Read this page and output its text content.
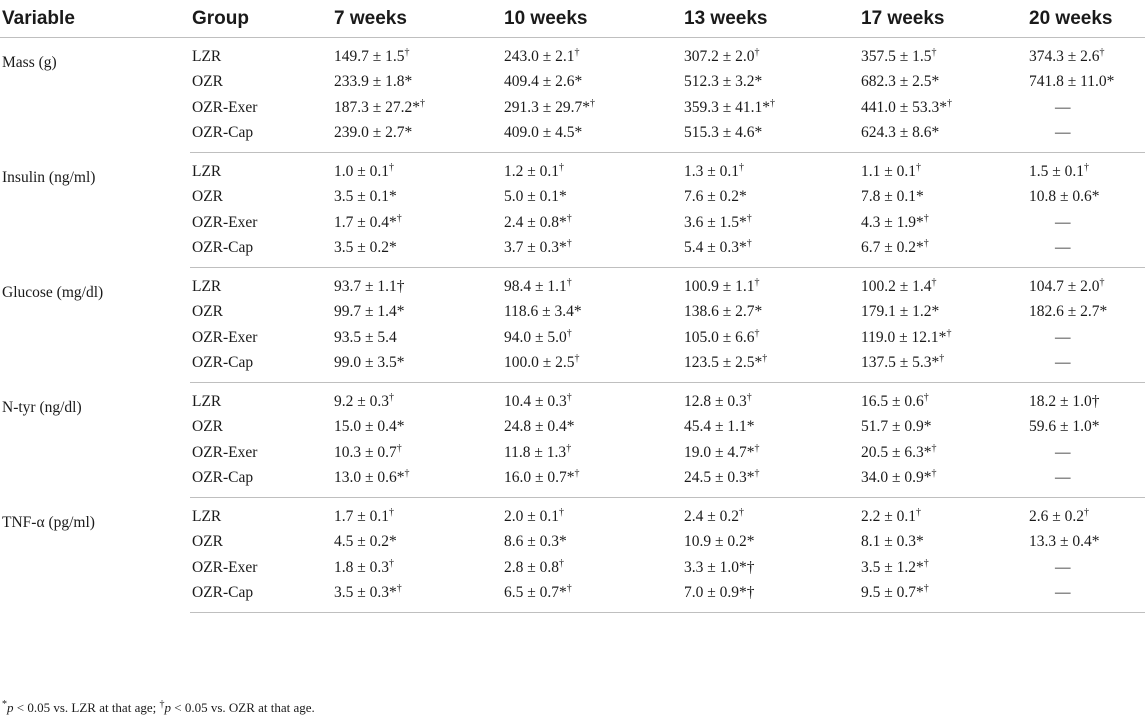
Variable	Group	7 weeks	10 weeks	13 weeks	17 weeks	20 weeks
Mass (g)	LZR	149.7 ± 1.5†	243.0 ± 2.1†	307.2 ± 2.0†	357.5 ± 1.5†	374.3 ± 2.6†
	OZR	233.9 ± 1.8*	409.4 ± 2.6*	512.3 ± 3.2*	682.3 ± 2.5*	741.8 ± 11.0*
	OZR-Exer	187.3 ± 27.2*†	291.3 ± 29.7*†	359.3 ± 41.1*†	441.0 ± 53.3*†	—
	OZR-Cap	239.0 ± 2.7*	409.0 ± 4.5*	515.3 ± 4.6*	624.3 ± 8.6*	—
Insulin (ng/ml)	LZR	1.0 ± 0.1†	1.2 ± 0.1†	1.3 ± 0.1†	1.1 ± 0.1†	1.5 ± 0.1†
	OZR	3.5 ± 0.1*	5.0 ± 0.1*	7.6 ± 0.2*	7.8 ± 0.1*	10.8 ± 0.6*
	OZR-Exer	1.7 ± 0.4*†	2.4 ± 0.8*†	3.6 ± 1.5*†	4.3 ± 1.9*†	—
	OZR-Cap	3.5 ± 0.2*	3.7 ± 0.3*†	5.4 ± 0.3*†	6.7 ± 0.2*†	—
Glucose (mg/dl)	LZR	93.7 ± 1.1†	98.4 ± 1.1†	100.9 ± 1.1†	100.2 ± 1.4†	104.7 ± 2.0†
	OZR	99.7 ± 1.4*	118.6 ± 3.4*	138.6 ± 2.7*	179.1 ± 1.2*	182.6 ± 2.7*
	OZR-Exer	93.5 ± 5.4	94.0 ± 5.0†	105.0 ± 6.6†	119.0 ± 12.1*†	—
	OZR-Cap	99.0 ± 3.5*	100.0 ± 2.5†	123.5 ± 2.5*†	137.5 ± 5.3*†	—
N-tyr (ng/dl)	LZR	9.2 ± 0.3†	10.4 ± 0.3†	12.8 ± 0.3†	16.5 ± 0.6†	18.2 ± 1.0†
	OZR	15.0 ± 0.4*	24.8 ± 0.4*	45.4 ± 1.1*	51.7 ± 0.9*	59.6 ± 1.0*
	OZR-Exer	10.3 ± 0.7†	11.8 ± 1.3†	19.0 ± 4.7*†	20.5 ± 6.3*†	—
	OZR-Cap	13.0 ± 0.6*†	16.0 ± 0.7*†	24.5 ± 0.3*†	34.0 ± 0.9*†	—
TNF-α (pg/ml)	LZR	1.7 ± 0.1†	2.0 ± 0.1†	2.4 ± 0.2†	2.2 ± 0.1†	2.6 ± 0.2†
	OZR	4.5 ± 0.2*	8.6 ± 0.3*	10.9 ± 0.2*	8.1 ± 0.3*	13.3 ± 0.4*
	OZR-Exer	1.8 ± 0.3†	2.8 ± 0.8†	3.3 ± 1.0*†	3.5 ± 1.2*†	—
	OZR-Cap	3.5 ± 0.3*†	6.5 ± 0.7*†	7.0 ± 0.9*†	9.5 ± 0.7*†	—
*p < 0.05 vs. LZR at that age; †p < 0.05 vs. OZR at that age.
